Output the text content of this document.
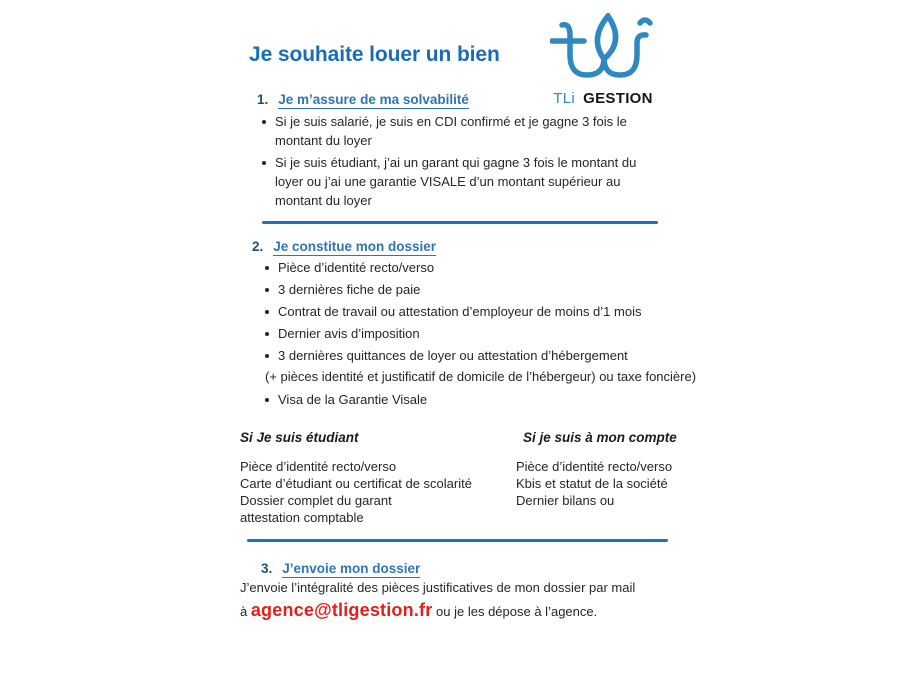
Je souhaite louer un bien
TLi GESTION
1. Je m’assure de ma solvabilité
Si je suis salarié, je suis en CDI confirmé et je gagne 3 fois le montant du loyer
Si je suis étudiant, j’ai un garant qui gagne 3 fois le montant du loyer ou j’ai une garantie VISALE d’un montant supérieur au montant du loyer
2. Je constitue mon dossier
Pièce d’identité recto/verso
3 dernières fiche de paie
Contrat de travail ou attestation d’employeur de moins d’1 mois
Dernier avis d’imposition
3 dernières quittances de loyer ou attestation d’hébergement
(+ pièces identité et justificatif de domicile de l’hébergeur) ou taxe foncière)
Visa de la Garantie Visale
Si Je suis étudiant
Pièce d’identité recto/verso
Carte d’étudiant ou certificat de scolarité
Dossier complet du garant
attestation comptable
Si je suis à mon compte
Pièce d’identité recto/verso
Kbis et statut de la société
Dernier bilans ou
3. J’envoie mon dossier
J’envoie l’intégralité des pièces justificatives de mon dossier par mail
à agence@tligestion.fr ou je les dépose à l’agence.
